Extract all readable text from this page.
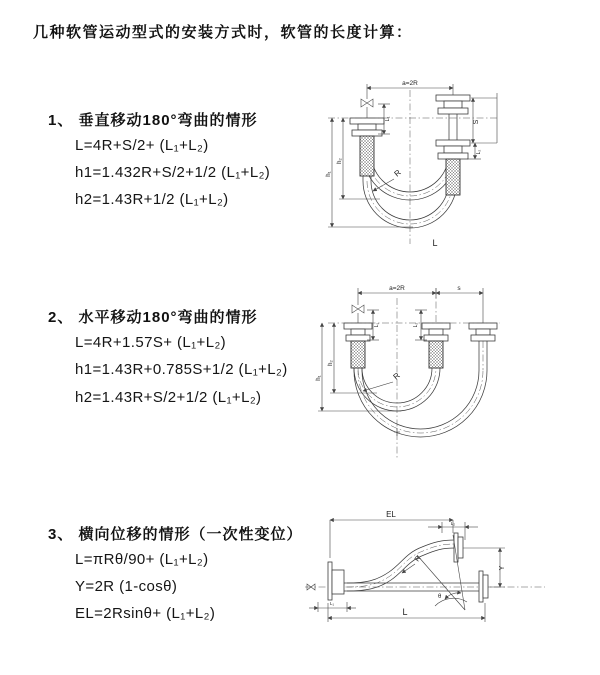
几种软管运动型式的安装方式时，软管的长度计算：
1、 垂直移动180°弯曲的情形
L=4R+S/2+ (L₁+L₂)
h1=1.432R+S/2+1/2 (L₁+L₂)
h2=1.43R+1/2 (L₁+L₂)
2、 水平移动180°弯曲的情形
L=4R+1.57S+ (L₁+L₂)
h1=1.43R+0.785S+1/2 (L₁+L₂)
h2=1.43R+S/2+1/2 (L₁+L₂)
3、 横向位移的情形（一次性变位）
L=πRθ/90+ (L₁+L₂)
Y=2R (1-cosθ)
EL=2Rsinθ+ (L₁+L₂)
a=2R
L₁
S
L₂
h₁
h₂
R
L
a=2R	s
L₁	L₂
h₁
h₂
R
EL
L₂
Y
θ
R
L₁
L
